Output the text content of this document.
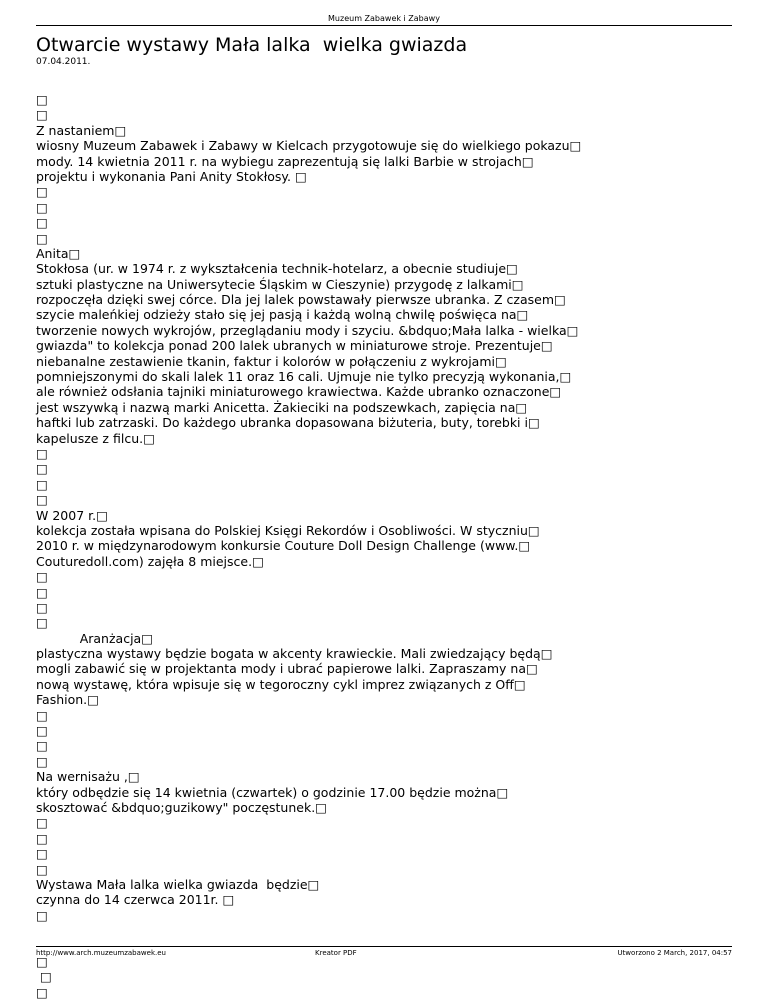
Muzeum Zabawek i Zabawy
Otwarcie wystawy Mała lalka  wielka gwiazda
07.04.2011.
□
□
Z nastaniem□
wiosny Muzeum Zabawek i Zabawy w Kielcach przygotowuje się do wielkiego pokazu□
mody. 14 kwietnia 2011 r. na wybiegu zaprezentują się lalki Barbie w strojach□
projektu i wykonania Pani Anity Stokłosy. □
□
□
□
□
Anita□
Stokłosa (ur. w 1974 r. z wykształcenia technik-hotelarz, a obecnie studiuje□
sztuki plastyczne na Uniwersytecie Śląskim w Cieszynie) przygodę z lalkami□
rozpoczęła dzięki swej córce. Dla jej lalek powstawały pierwsze ubranka. Z czasem□
szycie maleńkiej odzieży stało się jej pasją i każdą wolną chwilę poświęca na□
tworzenie nowych wykrojów, przeglądaniu mody i szyciu. &bdquo;Mała lalka - wielka□
gwiazda" to kolekcja ponad 200 lalek ubranych w miniaturowe stroje. Prezentuje□
niebanalne zestawienie tkanin, faktur i kolorów w połączeniu z wykrojami□
pomniejszonymi do skali lalek 11 oraz 16 cali. Ujmuje nie tylko precyzją wykonania,□
ale również odsłania tajniki miniaturowego krawiectwa. Każde ubranko oznaczone□
jest wszywką i nazwą marki Anicetta. Żakieciki na podszewkach, zapięcia na□
haftki lub zatrzaski. Do każdego ubranka dopasowana biżuteria, buty, torebki i□
kapelusze z filcu.□
□
□
□
□
W 2007 r.□
kolekcja została wpisana do Polskiej Księgi Rekordów i Osobliwości. W styczniu□
2010 r. w międzynarodowym konkursie Couture Doll Design Challenge (www.□
Couturedoll.com) zajęła 8 miejsce.□
□
□
□
□
Aranżacja□
plastyczna wystawy będzie bogata w akcenty krawieckie. Mali zwiedzający będą□
mogli zabawić się w projektanta mody i ubrać papierowe lalki. Zapraszamy na□
nową wystawę, która wpisuje się w tegoroczny cykl imprez związanych z Off□
Fashion.□
□
□
□
□
Na wernisażu ,□
który odbędzie się 14 kwietnia (czwartek) o godzinie 17.00 będzie można□
skosztować &bdquo;guzikowy" poczęstunek.□
□
□
□
□
Wystawa Mała lalka wielka gwiazda  będzie□
czynna do 14 czerwca 2011r. □
□
□
□
□
http://www.arch.muzeumzabawek.eu	Kreator PDF	Utworzono 2 March, 2017, 04:57
